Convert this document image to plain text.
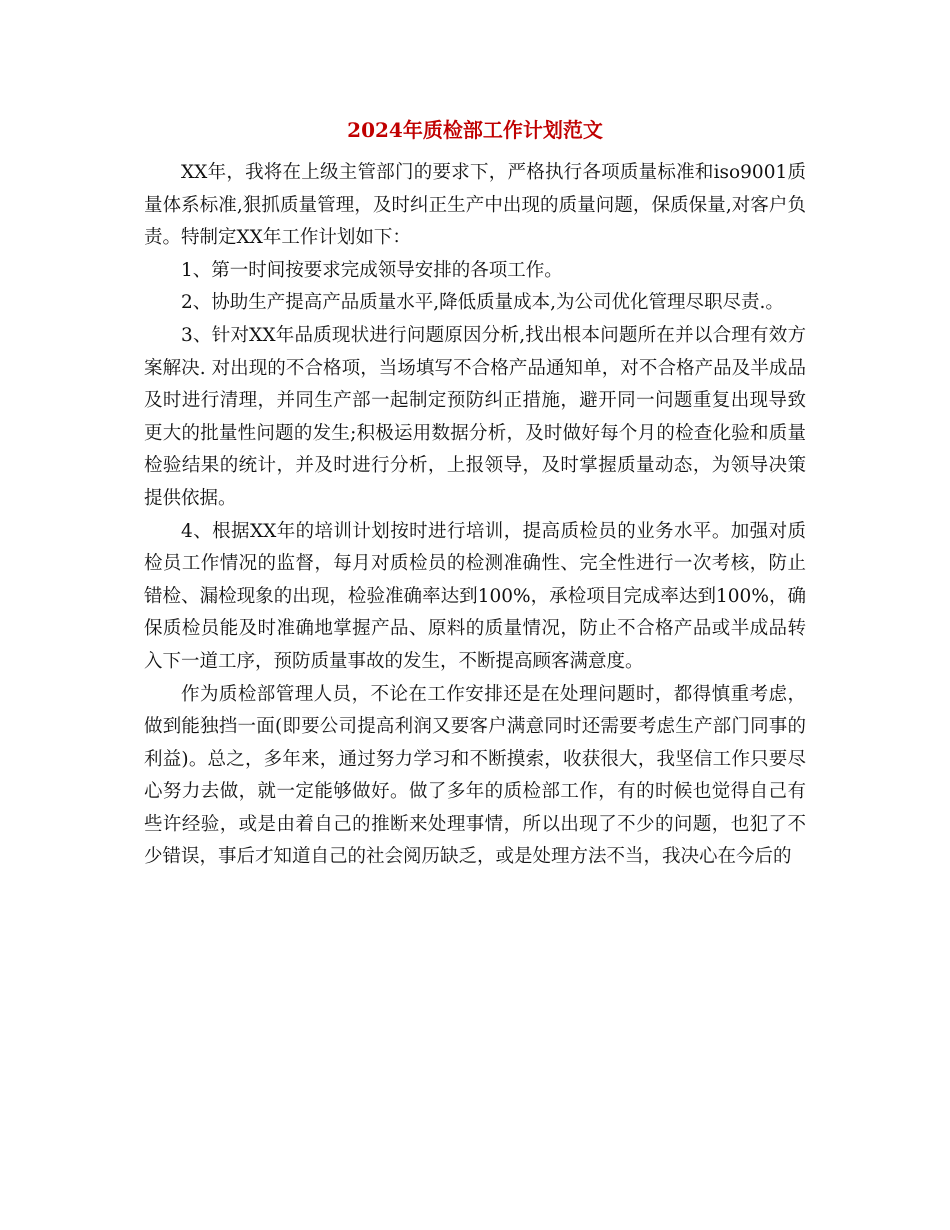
2024年质检部工作计划范文

XX年，我将在上级主管部门的要求下，严格执行各项质量标准和iso9001质量体系标准,狠抓质量管理，及时纠正生产中出现的质量问题，保质保量,对客户负责。特制定XX年工作计划如下：

1、第一时间按要求完成领导安排的各项工作。

2、协助生产提高产品质量水平,降低质量成本,为公司优化管理尽职尽责.。

3、针对XX年品质现状进行问题原因分析,找出根本问题所在并以合理有效方案解决. 对出现的不合格项，当场填写不合格产品通知单，对不合格产品及半成品及时进行清理，并同生产部一起制定预防纠正措施，避开同一问题重复出现导致更大的批量性问题的发生;积极运用数据分析，及时做好每个月的检查化验和质量检验结果的统计，并及时进行分析，上报领导，及时掌握质量动态，为领导决策提供依据。

4、根据XX年的培训计划按时进行培训，提高质检员的业务水平。加强对质检员工作情况的监督，每月对质检员的检测准确性、完全性进行一次考核，防止错检、漏检现象的出现，检验准确率达到100%，承检项目完成率达到100%，确保质检员能及时准确地掌握产品、原料的质量情况，防止不合格产品或半成品转入下一道工序，预防质量事故的发生，不断提高顾客满意度。

作为质检部管理人员，不论在工作安排还是在处理问题时，都得慎重考虑，做到能独挡一面(即要公司提高利润又要客户满意同时还需要考虑生产部门同事的利益)。总之，多年来，通过努力学习和不断摸索，收获很大，我坚信工作只要尽心努力去做，就一定能够做好。做了多年的质检部工作，有的时候也觉得自己有些许经验，或是由着自己的推断来处理事情，所以出现了不少的问题，也犯了不少错误，事后才知道自己的社会阅历缺乏，或是处理方法不当，我决心在今后的
